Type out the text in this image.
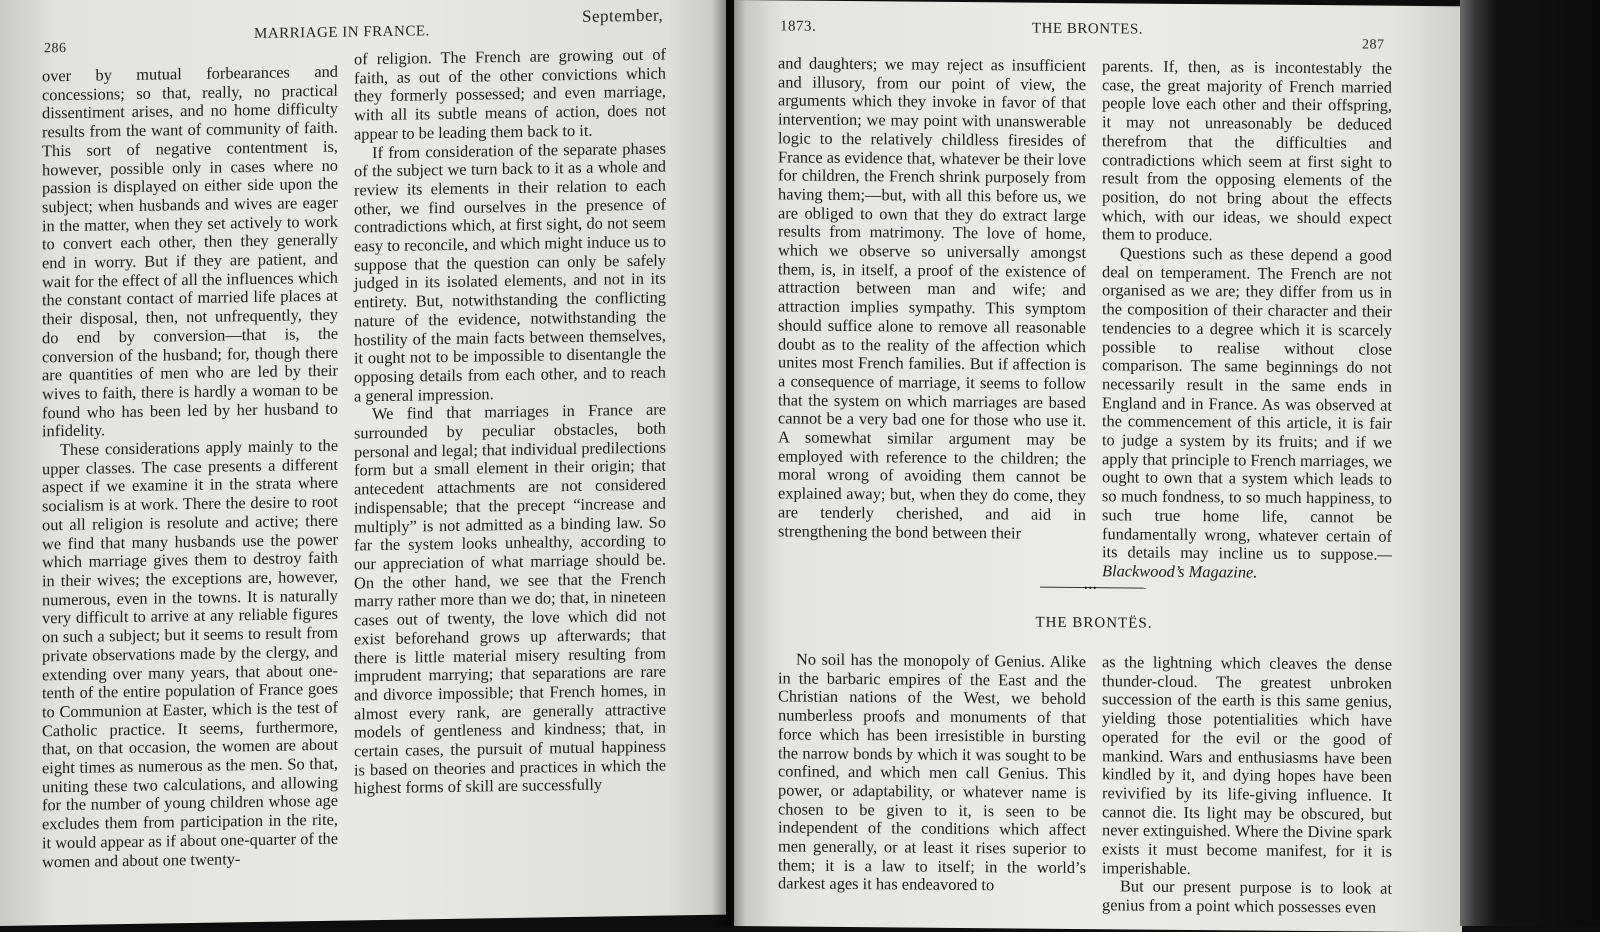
286
MARRIAGE IN FRANCE.
September,

over by mutual forbearances and concessions; so that, really, no practical dissentiment arises, and no home difficulty results from the want of community of faith. This sort of negative contentment is, however, possible only in cases where no passion is displayed on either side upon the subject; when husbands and wives are eager in the matter, when they set actively to work to convert each other, then they generally end in worry. But if they are patient, and wait for the effect of all the influences which the constant contact of married life places at their disposal, then, not unfrequently, they do end by conversion—that is, the conversion of the husband; for, though there are quantities of men who are led by their wives to faith, there is hardly a woman to be found who has been led by her husband to infidelity.

These considerations apply mainly to the upper classes. The case presents a different aspect if we examine it in the strata where socialism is at work. There the desire to root out all religion is resolute and active; there we find that many husbands use the power which marriage gives them to destroy faith in their wives; the exceptions are, however, numerous, even in the towns. It is naturally very difficult to arrive at any reliable figures on such a subject; but it seems to result from private observations made by the clergy, and extending over many years, that about one-tenth of the entire population of France goes to Communion at Easter, which is the test of Catholic practice. It seems, furthermore, that, on that occasion, the women are about eight times as numerous as the men. So that, uniting these two calculations, and allowing for the number of young children whose age excludes them from participation in the rite, it would appear as if about one-quarter of the women and about one twenty-

of religion. The French are growing out of faith, as out of the other convictions which they formerly possessed; and even marriage, with all its subtle means of action, does not appear to be leading them back to it.

If from consideration of the separate phases of the subject we turn back to it as a whole and review its elements in their relation to each other, we find ourselves in the presence of contradictions which, at first sight, do not seem easy to reconcile, and which might induce us to suppose that the question can only be safely judged in its isolated elements, and not in its entirety. But, notwithstanding the conflicting nature of the evidence, notwithstanding the hostility of the main facts between themselves, it ought not to be impossible to disentangle the opposing details from each other, and to reach a general impression.

We find that marriages in France are surrounded by peculiar obstacles, both personal and legal; that individual predilections form but a small element in their origin; that antecedent attachments are not considered indispensable; that the precept “increase and multiply” is not admitted as a binding law. So far the system looks unhealthy, according to our appreciation of what marriage should be. On the other hand, we see that the French marry rather more than we do; that, in nineteen cases out of twenty, the love which did not exist beforehand grows up afterwards; that there is little material misery resulting from imprudent marrying; that separations are rare and divorce impossible; that French homes, in almost every rank, are generally attractive models of gentleness and kindness; that, in certain cases, the pursuit of mutual happiness is based on theories and practices in which the highest forms of skill are successfully

1873.	THE BRONTES.
287

and daughters; we may reject as insufficient and illusory, from our point of view, the arguments which they invoke in favor of that intervention; we may point with unanswerable logic to the relatively childless firesides of France as evidence that, whatever be their love for children, the French shrink purposely from having them;—but, with all this before us, we are obliged to own that they do extract large results from matrimony. The love of home, which we observe so universally amongst them, is, in itself, a proof of the existence of attraction between man and wife; and attraction implies sympathy. This symptom should suffice alone to remove all reasonable doubt as to the reality of the affection which unites most French families. But if affection is a consequence of marriage, it seems to follow that the system on which marriages are based cannot be a very bad one for those who use it. A somewhat similar argument may be employed with reference to the children; the moral wrong of avoiding them cannot be explained away; but, when they do come, they are tenderly cherished, and aid in strengthening the bond between their

parents. If, then, as is incontestably the case, the great majority of French married people love each other and their offspring, it may not unreasonably be deduced therefrom that the difficulties and contradictions which seem at first sight to result from the opposing elements of the position, do not bring about the effects which, with our ideas, we should expect them to produce.

Questions such as these depend a good deal on temperament. The French are not organised as we are; they differ from us in the composition of their character and their tendencies to a degree which it is scarcely possible to realise without close comparison. The same beginnings do not necessarily result in the same ends in England and in France. As was observed at the commencement of this article, it is fair to judge a system by its fruits; and if we apply that principle to French marriages, we ought to own that a system which leads to so much fondness, to so much happiness, to such true home life, cannot be fundamentally wrong, whatever certain of its details may incline us to suppose.—Blackwood’s Magazine.

•••
THE BRONTËS.

No soil has the monopoly of Genius. Alike in the barbaric empires of the East and the Christian nations of the West, we behold numberless proofs and monuments of that force which has been irresistible in bursting the narrow bonds by which it was sought to be confined, and which men call Genius. This power, or adaptability, or whatever name is chosen to be given to it, is seen to be independent of the conditions which affect men generally, or at least it rises superior to them; it is a law to itself; in the world’s darkest ages it has endeavored to

as the lightning which cleaves the dense thunder-cloud. The greatest unbroken succession of the earth is this same genius, yielding those potentialities which have operated for the evil or the good of mankind. Wars and enthusiasms have been kindled by it, and dying hopes have been revivified by its life-giving influence. It cannot die. Its light may be obscured, but never extinguished. Where the Divine spark exists it must become manifest, for it is imperishable.

But our present purpose is to look at genius from a point which possesses even
